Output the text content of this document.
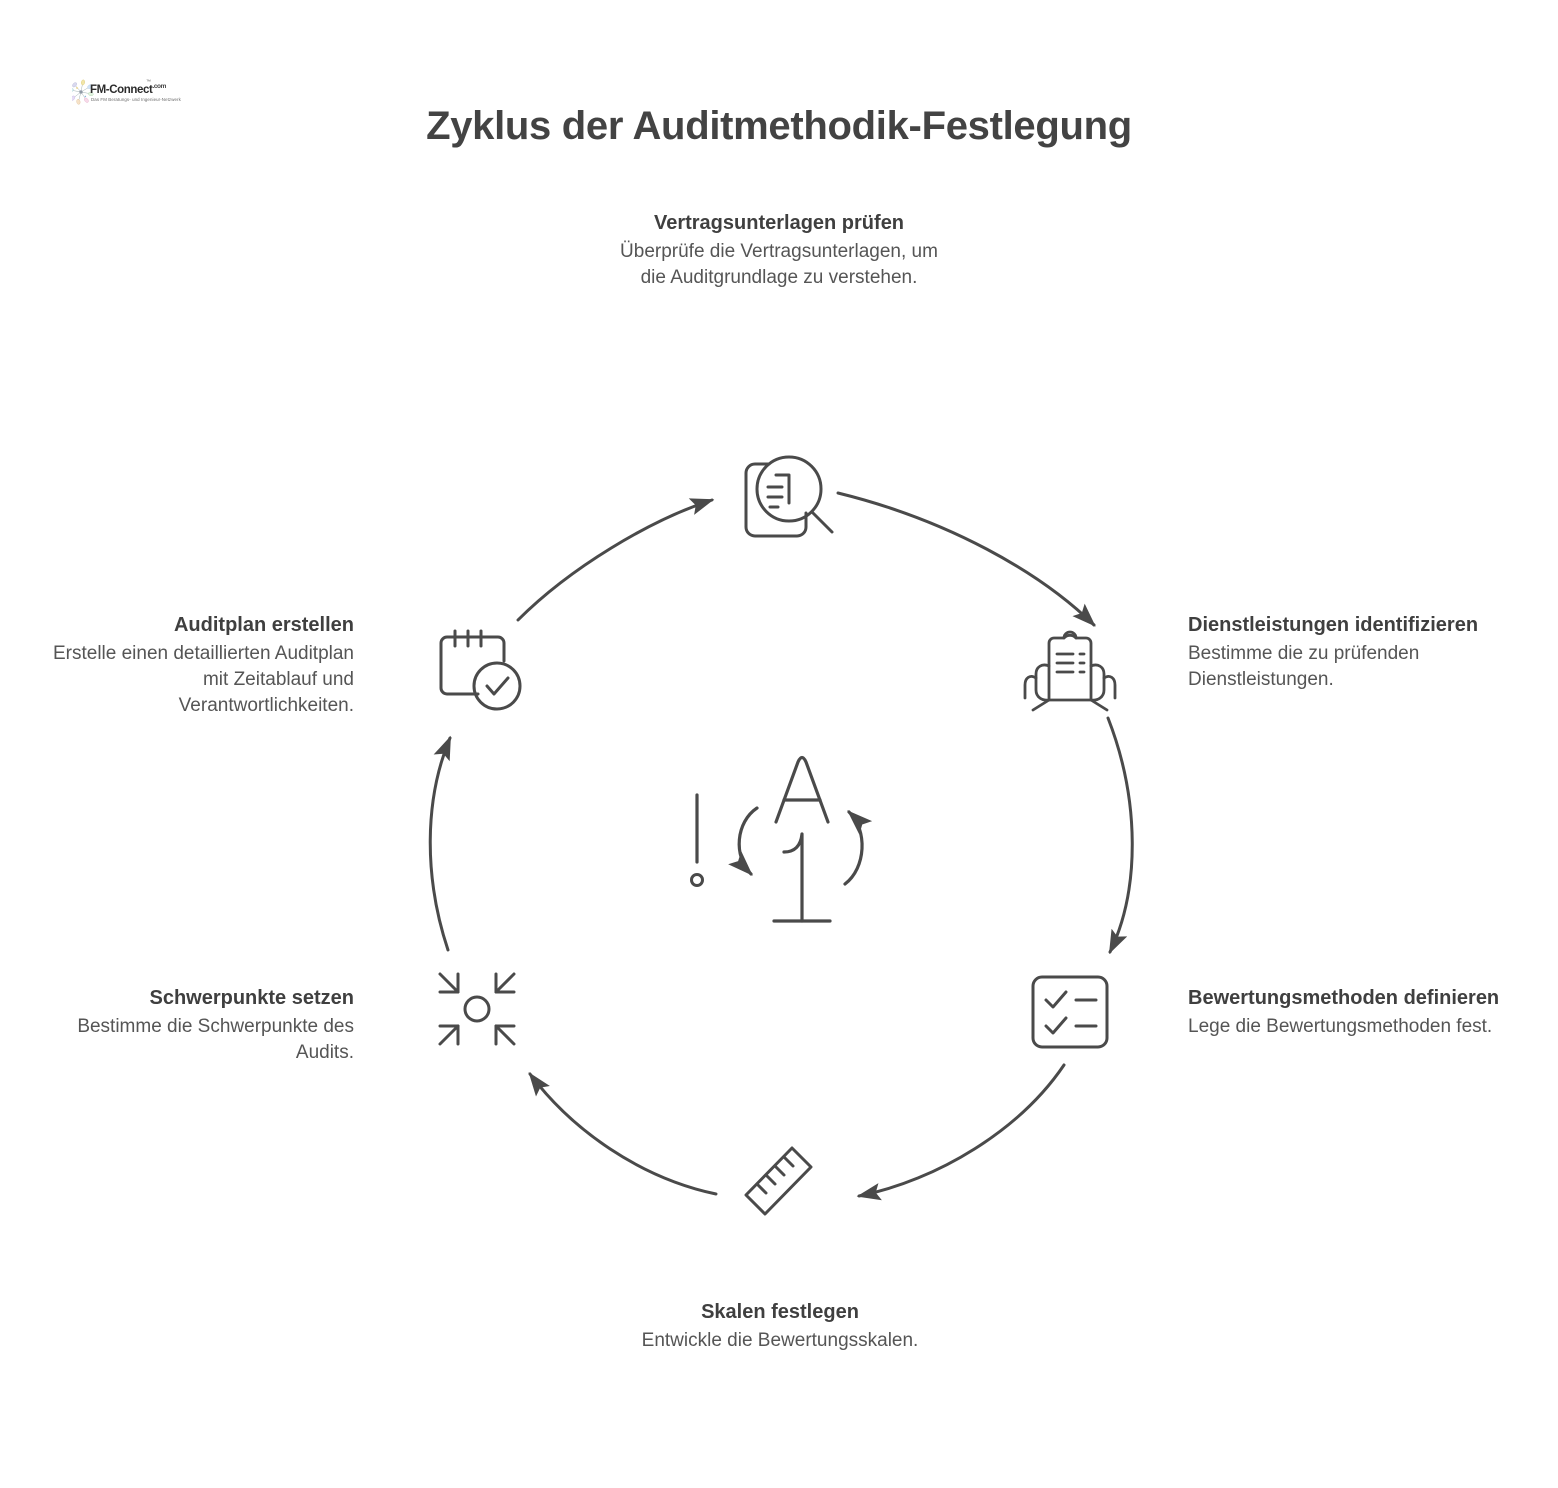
FM-Connect$^{.com}$
™
Das FM Beratungs- und Ingenieur-Netzwerk
Zyklus der Auditmethodik-Festlegung

Vertragsunterlagen prüfen

Überprüfe die Vertragsunterlagen, um die Auditgrundlage zu verstehen.

Dienstleistungen identifizieren

Bestimme die zu prüfenden Dienstleistungen.

Bewertungsmethoden definieren

Lege die Bewertungsmethoden fest.

Skalen festlegen

Entwickle die Bewertungsskalen.

Schwerpunkte setzen

Bestimme die Schwerpunkte des Audits.

Auditplan erstellen

Erstelle einen detaillierten Auditplan mit Zeitablauf und Verantwortlichkeiten.
